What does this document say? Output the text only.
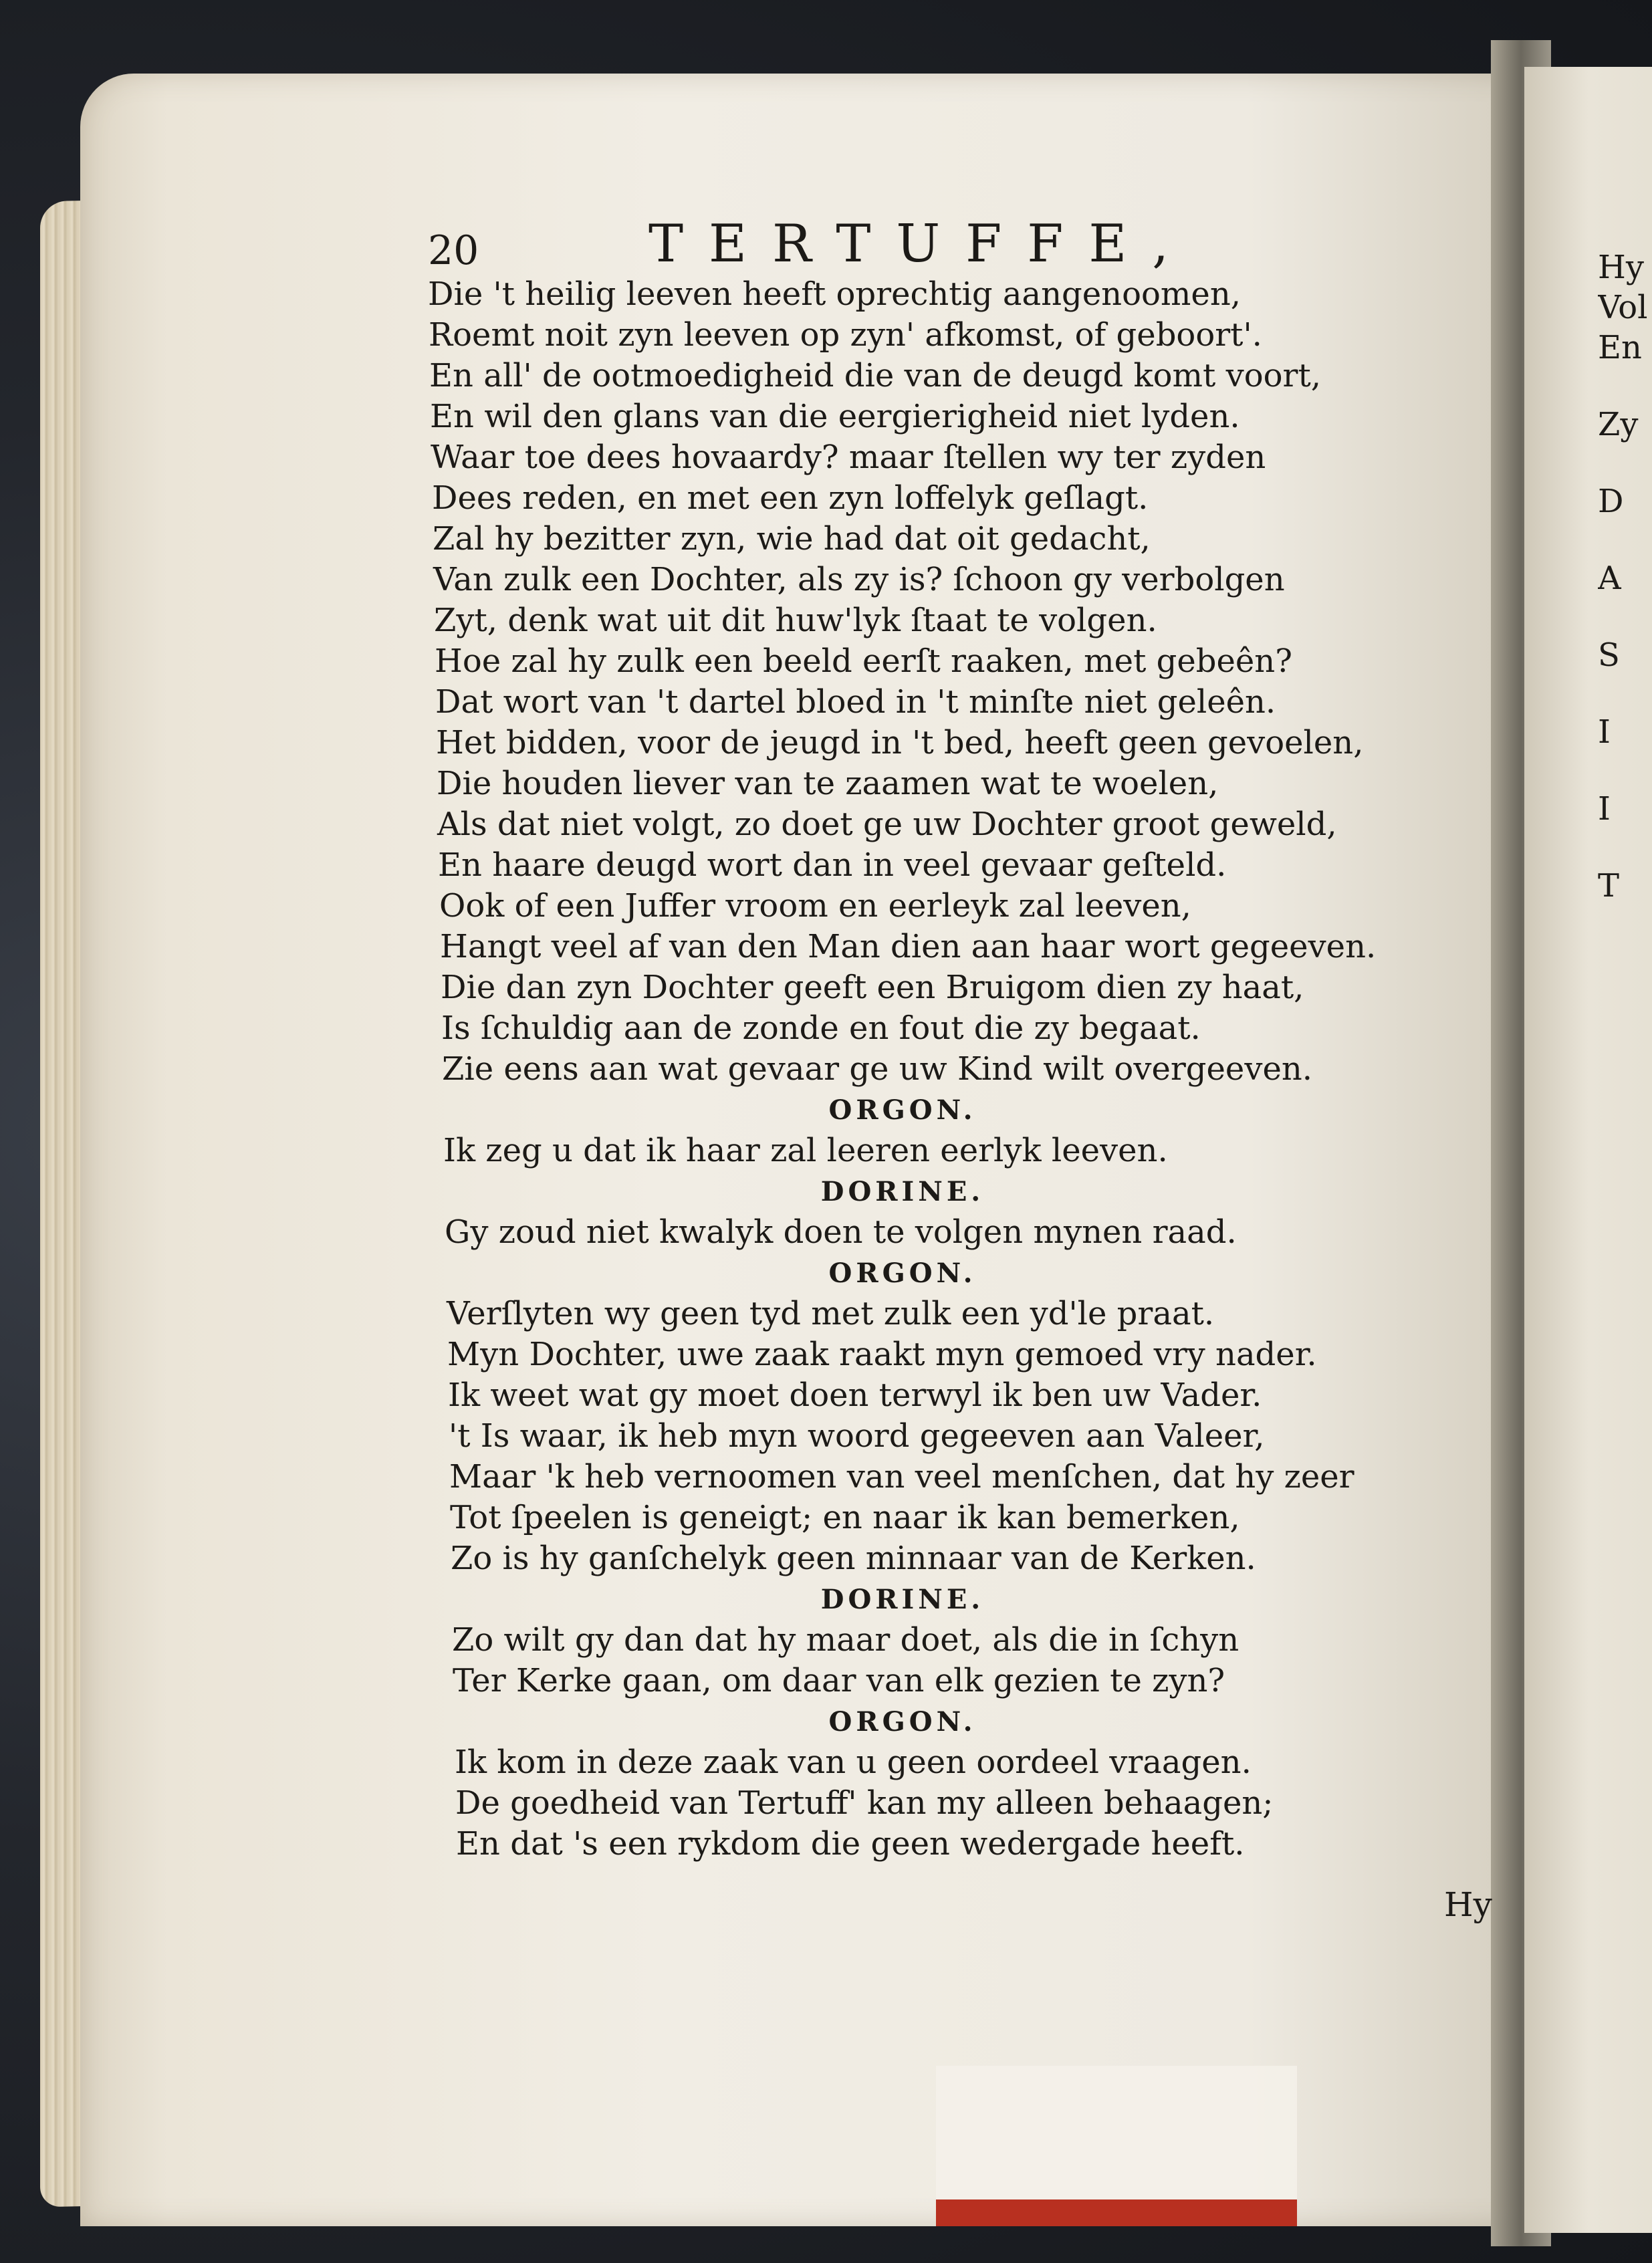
20	TERTUFFE,
Die 't heilig leeven heeft oprechtig aangenoomen,
Roemt noit zyn leeven op zyn' afkomst, of geboort'.
En all' de ootmoedigheid die van de deugd komt voort,
En wil den glans van die eergierigheid niet lyden.
Waar toe dees hovaardy? maar ſtellen wy ter zyden
Dees reden, en met een zyn loffelyk geſlagt.
Zal hy bezitter zyn, wie had dat oit gedacht,
Van zulk een Dochter, als zy is? ſchoon gy verbolgen
Zyt, denk wat uit dit huw'lyk ſtaat te volgen.
Hoe zal hy zulk een beeld eerſt raaken, met gebeên?
Dat wort van 't dartel bloed in 't minſte niet geleên.
Het bidden, voor de jeugd in 't bed, heeft geen gevoelen,
Die houden liever van te zaamen wat te woelen,
Als dat niet volgt, zo doet ge uw Dochter groot geweld,
En haare deugd wort dan in veel gevaar geſteld.
Ook of een Juffer vroom en eerleyk zal leeven,
Hangt veel af van den Man dien aan haar wort gegeeven.
Die dan zyn Dochter geeft een Bruigom dien zy haat,
Is ſchuldig aan de zonde en fout die zy begaat.
Zie eens aan wat gevaar ge uw Kind wilt overgeeven.
ORGON.
Ik zeg u dat ik haar zal leeren eerlyk leeven.
DORINE.
Gy zoud niet kwalyk doen te volgen mynen raad.
ORGON.
Verſlyten wy geen tyd met zulk een yd'le praat.
Myn Dochter, uwe zaak raakt myn gemoed vry nader.
Ik weet wat gy moet doen terwyl ik ben uw Vader.
't Is waar, ik heb myn woord gegeeven aan Valeer,
Maar 'k heb vernoomen van veel menſchen, dat hy zeer
Tot ſpeelen is geneigt; en naar ik kan bemerken,
Zo is hy ganſchelyk geen minnaar van de Kerken.
DORINE.
Zo wilt gy dan dat hy maar doet, als die in ſchyn
Ter Kerke gaan, om daar van elk gezien te zyn?
ORGON.
Ik kom in deze zaak van u geen oordeel vraagen.
De goedheid van Tertuff' kan my alleen behaagen;
En dat 's een rykdom die geen wedergade heeft.
Hy
Hy
Vol
En
Zy
D
A
S
I
I
T
